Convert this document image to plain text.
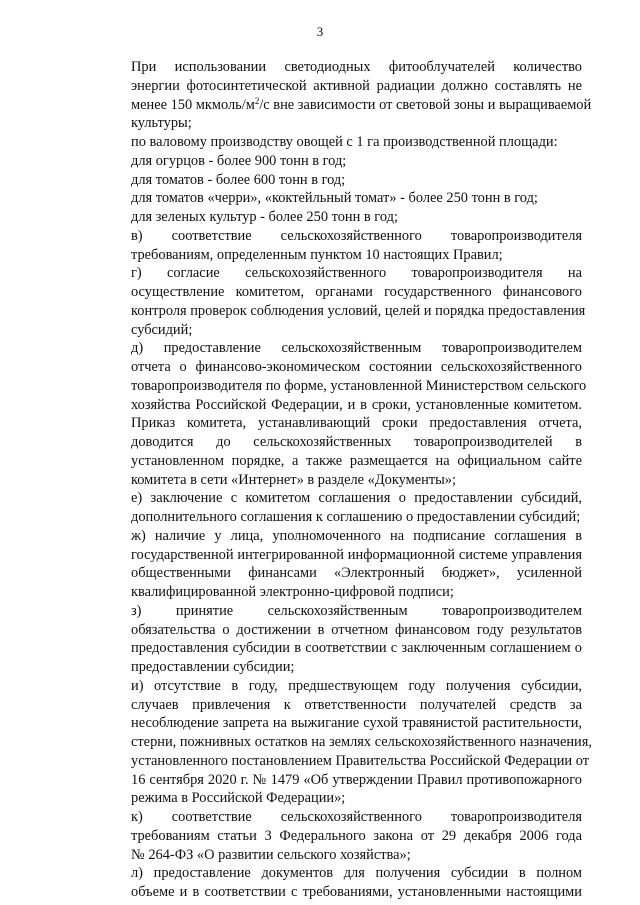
3
При использовании светодиодных фитооблучателей количество
энергии фотосинтетической активной радиации должно составлять не
менее 150 мкмоль/$м^2/с$ вне зависимости от световой зоны и выращиваемой
культуры;
по валовому производству овощей с 1 га производственной площади:
для огурцов - более 900 тонн в год;
для томатов - более 600 тонн в год;
для томатов «черри», «коктейльный томат» - более 250 тонн в год;
для зеленых культур - более 250 тонн в год;
в) соответствие сельскохозяйственного товаропроизводителя
требованиям, определенным пунктом 10 настоящих Правил;
г) согласие сельскохозяйственного товаропроизводителя на
осуществление комитетом, органами государственного финансового
контроля проверок соблюдения условий, целей и порядка предоставления
субсидий;
д) предоставление сельскохозяйственным товаропроизводителем
отчета о финансово-экономическом состоянии сельскохозяйственного
товаропроизводителя по форме, установленной Министерством сельского
хозяйства Российской Федерации, и в сроки, установленные комитетом.
Приказ комитета, устанавливающий сроки предоставления отчета,
доводится до сельскохозяйственных товаропроизводителей в
установленном порядке, а также размещается на официальном сайте
комитета в сети «Интернет» в разделе «Документы»;
е) заключение с комитетом соглашения о предоставлении субсидий,
дополнительного соглашения к соглашению о предоставлении субсидий;
ж) наличие у лица, уполномоченного на подписание соглашения в
государственной интегрированной информационной системе управления
общественными финансами «Электронный бюджет», усиленной
квалифицированной электронно-цифровой подписи;
з) принятие сельскохозяйственным товаропроизводителем
обязательства о достижении в отчетном финансовом году результатов
предоставления субсидии в соответствии с заключенным соглашением о
предоставлении субсидии;
и) отсутствие в году, предшествующем году получения субсидии,
случаев привлечения к ответственности получателей средств за
несоблюдение запрета на выжигание сухой травянистой растительности,
стерни, пожнивных остатков на землях сельскохозяйственного назначения,
установленного постановлением Правительства Российской Федерации от
16 сентября 2020 г. № 1479 «Об утверждении Правил противопожарного
режима в Российской Федерации»;
к) соответствие сельскохозяйственного товаропроизводителя
требованиям статьи 3 Федерального закона от 29 декабря 2006 года
№ 264-ФЗ «О развитии сельского хозяйства»;
л) предоставление документов для получения субсидии в полном
объеме и в соответствии с требованиями, установленными настоящими
